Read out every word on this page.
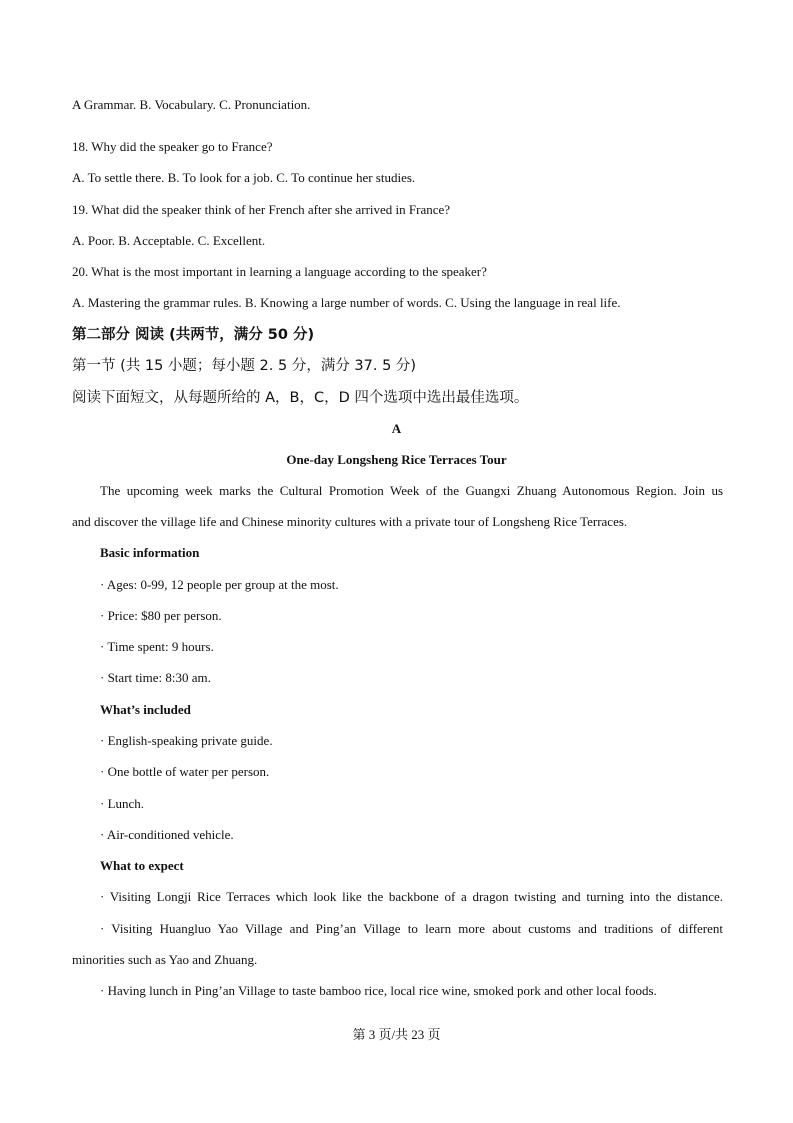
A Grammar. B. Vocabulary. C. Pronunciation.
18. Why did the speaker go to France?
A. To settle there. B. To look for a job. C. To continue her studies.
19. What did the speaker think of her French after she arrived in France?
A. Poor. B. Acceptable. C. Excellent.
20. What is the most important in learning a language according to the speaker?
A. Mastering the grammar rules. B. Knowing a large number of words. C. Using the language in real life.
第二部分 阅读 (共两节，满分 50 分)
第一节 (共 15 小题；每小题 2. 5 分，满分 37. 5 分)
阅读下面短文，从每题所给的 A，B，C，D 四个选项中选出最佳选项。
A
One-day Longsheng Rice Terraces Tour
The upcoming week marks the Cultural Promotion Week of the Guangxi Zhuang Autonomous Region. Join us
and discover the village life and Chinese minority cultures with a private tour of Longsheng Rice Terraces.
Basic information
· Ages: 0-99, 12 people per group at the most.
· Price: $80 per person.
· Time spent: 9 hours.
· Start time: 8:30 am.
What’s included
· English-speaking private guide.
· One bottle of water per person.
· Lunch.
· Air-conditioned vehicle.
What to expect
· Visiting Longji Rice Terraces which look like the backbone of a dragon twisting and turning into the distance.
· Visiting Huangluo Yao Village and Ping’an Village to learn more about customs and traditions of different
minorities such as Yao and Zhuang.
· Having lunch in Ping’an Village to taste bamboo rice, local rice wine, smoked pork and other local foods.
第 3 页/共 23 页
